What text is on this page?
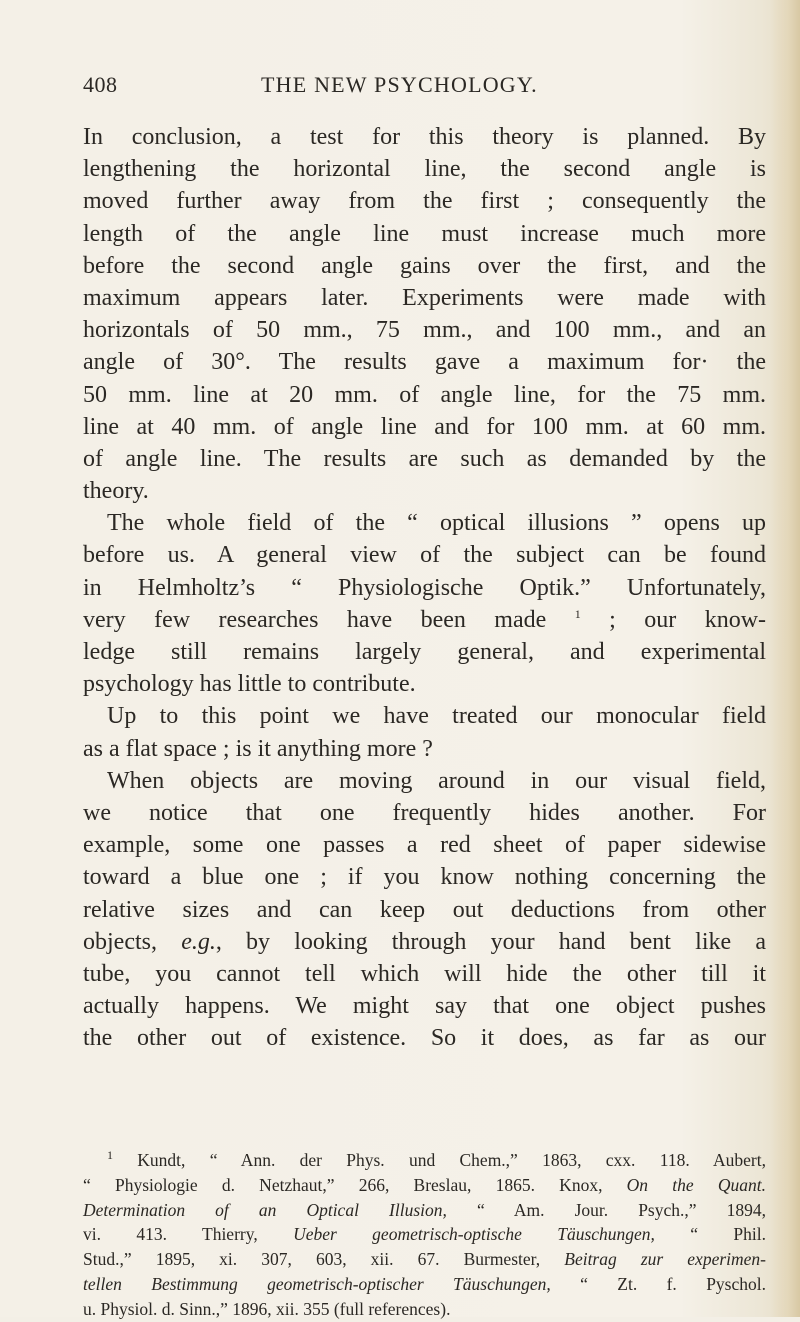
408	THE NEW PSYCHOLOGY.
In conclusion, a test for this theory is planned. By
lengthening the horizontal line, the second angle is
moved further away from the first ; consequently the
length of the angle line must increase much more
before the second angle gains over the first, and the
maximum appears later. Experiments were made with
horizontals of 50 mm., 75 mm., and 100 mm., and an
angle of 30°. The results gave a maximum for· the
50 mm. line at 20 mm. of angle line, for the 75 mm.
line at 40 mm. of angle line and for 100 mm. at 60 mm.
of angle line. The results are such as demanded by the
theory.
The whole field of the “ optical illusions ” opens up
before us. A general view of the subject can be found
in Helmholtz’s “ Physiologische Optik.” Unfortunately,
very few researches have been made $^1$ ; our know-
ledge still remains largely general, and experimental
psychology has little to contribute.
Up to this point we have treated our monocular field
as a flat space ; is it anything more ?
When objects are moving around in our visual field,
we notice that one frequently hides another. For
example, some one passes a red sheet of paper sidewise
toward a blue one ; if you know nothing concerning the
relative sizes and can keep out deductions from other
objects, e.g., by looking through your hand bent like a
tube, you cannot tell which will hide the other till it
actually happens. We might say that one object pushes
the other out of existence. So it does, as far as our
$^1$ Kundt, “ Ann. der Phys. und Chem.,” 1863, cxx. 118. Aubert,
“ Physiologie d. Netzhaut,” 266, Breslau, 1865. Knox, On the Quant.
Determination of an Optical Illusion, “ Am. Jour. Psych.,” 1894,
vi. 413. Thierry, Ueber geometrisch-optische Täuschungen, “ Phil.
Stud.,” 1895, xi. 307, 603, xii. 67. Burmester, Beitrag zur experimen-
tellen Bestimmung geometrisch-optischer Täuschungen, “ Zt. f. Pyschol.
u. Physiol. d. Sinn.,” 1896, xii. 355 (full references).
